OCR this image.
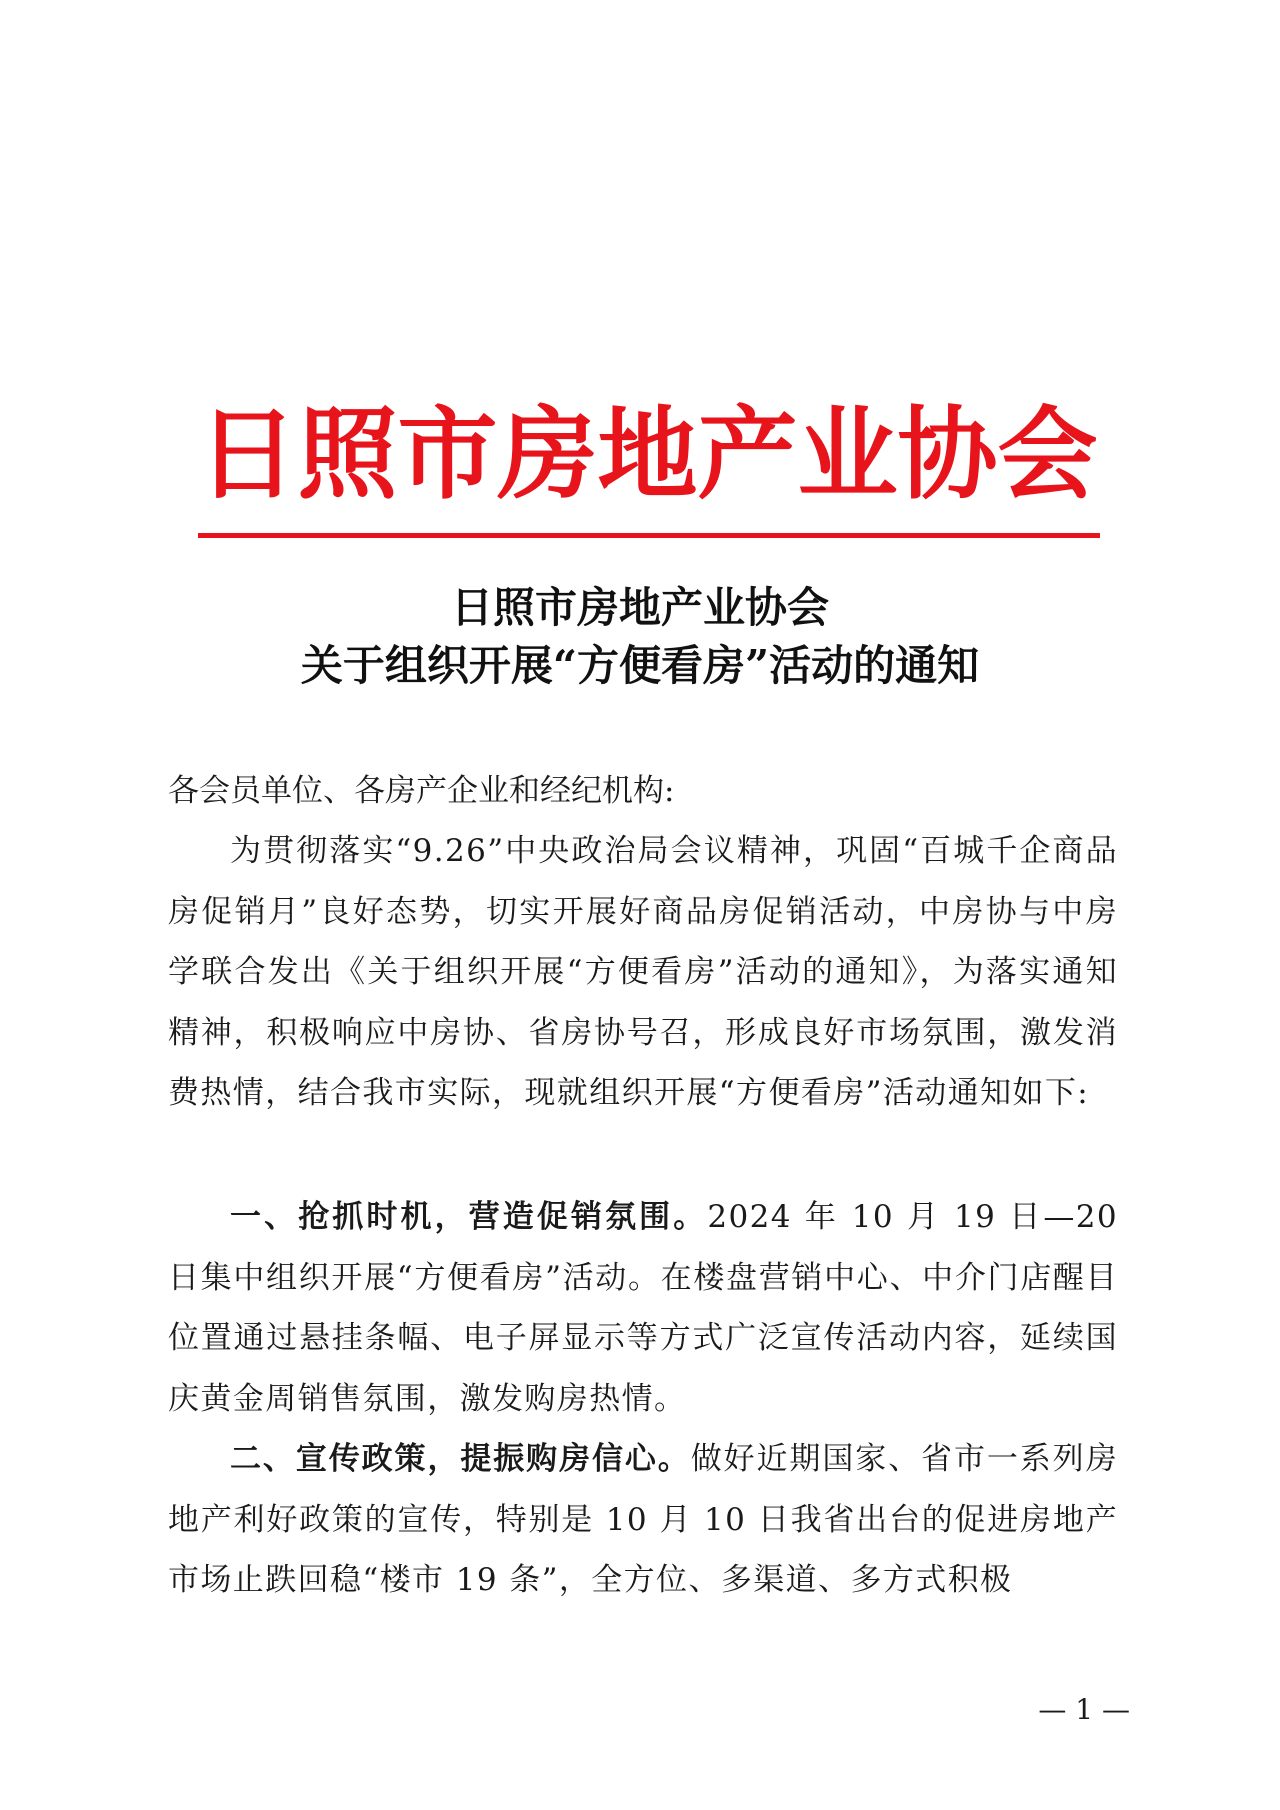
日照市房地产业协会
日照市房地产业协会
关于组织开展“方便看房”活动的通知
各会员单位、各房产企业和经纪机构:
为贯彻落实“9.26”中央政治局会议精神，巩固“百城千企商品房促销月”良好态势，切实开展好商品房促销活动，中房协与中房学联合发出《关于组织开展“方便看房”活动的通知》，为落实通知精神，积极响应中房协、省房协号召，形成良好市场氛围，激发消费热情，结合我市实际，现就组织开展“方便看房”活动通知如下:
一、抢抓时机，营造促销氛围。2024 年 10 月 19 日—20 日集中组织开展“方便看房”活动。在楼盘营销中心、中介门店醒目位置通过悬挂条幅、电子屏显示等方式广泛宣传活动内容，延续国庆黄金周销售氛围，激发购房热情。
二、宣传政策，提振购房信心。做好近期国家、省市一系列房地产利好政策的宣传，特别是 10 月 10 日我省出台的促进房地产市场止跌回稳“楼市 19 条”，全方位、多渠道、多方式积极
— 1 —
